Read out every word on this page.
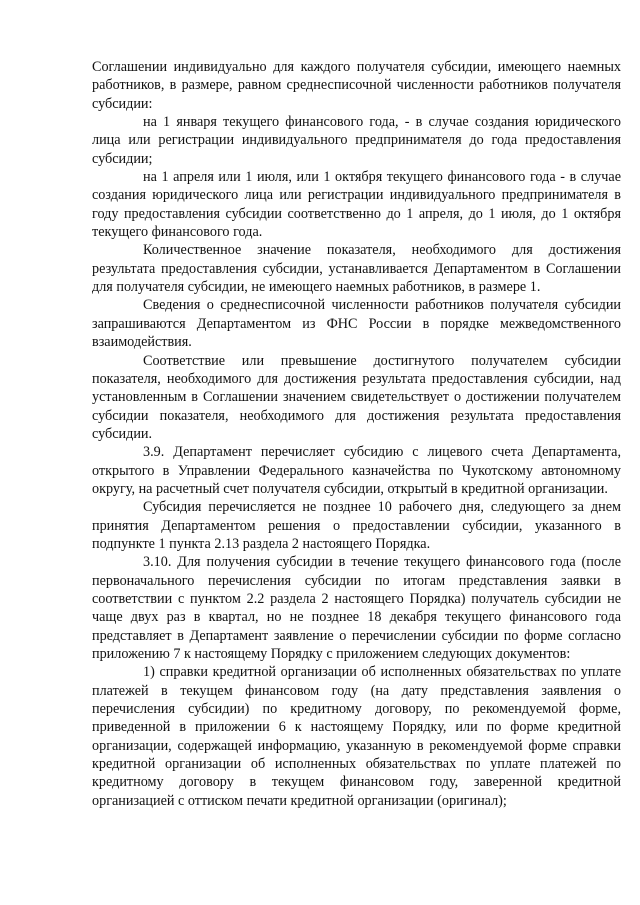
Соглашении индивидуально для каждого получателя субсидии, имеющего наемных работников, в размере, равном среднесписочной численности работников получателя субсидии:

на 1 января текущего финансового года, - в случае создания юридического лица или регистрации индивидуального предпринимателя до года предоставления субсидии;

на 1 апреля или 1 июля, или 1 октября текущего финансового года - в случае создания юридического лица или регистрации индивидуального предпринимателя в году предоставления субсидии соответственно до 1 апреля, до 1 июля, до 1 октября текущего финансового года.

Количественное значение показателя, необходимого для достижения результата предоставления субсидии, устанавливается Департаментом в Соглашении для получателя субсидии, не имеющего наемных работников, в размере 1.

Сведения о среднесписочной численности работников получателя субсидии запрашиваются Департаментом из ФНС России в порядке межведомственного взаимодействия.

Соответствие или превышение достигнутого получателем субсидии показателя, необходимого для достижения результата предоставления субсидии, над установленным в Соглашении значением свидетельствует о достижении получателем субсидии показателя, необходимого для достижения результата предоставления субсидии.

3.9. Департамент перечисляет субсидию с лицевого счета Департамента, открытого в Управлении Федерального казначейства по Чукотскому автономному округу, на расчетный счет получателя субсидии, открытый в кредитной организации.

Субсидия перечисляется не позднее 10 рабочего дня, следующего за днем принятия Департаментом решения о предоставлении субсидии, указанного в подпункте 1 пункта 2.13 раздела 2 настоящего Порядка.

3.10. Для получения субсидии в течение текущего финансового года (после первоначального перечисления субсидии по итогам представления заявки в соответствии с пунктом 2.2 раздела 2 настоящего Порядка) получатель субсидии не чаще двух раз в квартал, но не позднее 18 декабря текущего финансового года представляет в Департамент заявление о перечислении субсидии по форме согласно приложению 7 к настоящему Порядку с приложением следующих документов:

1) справки кредитной организации об исполненных обязательствах по уплате платежей в текущем финансовом году (на дату представления заявления о перечисления субсидии) по кредитному договору, по рекомендуемой форме, приведенной в приложении 6 к настоящему Порядку, или по форме кредитной организации, содержащей информацию, указанную в рекомендуемой форме справки кредитной организации об исполненных обязательствах по уплате платежей по кредитному договору в текущем финансовом году, заверенной кредитной организацией с оттиском печати кредитной организации (оригинал);
